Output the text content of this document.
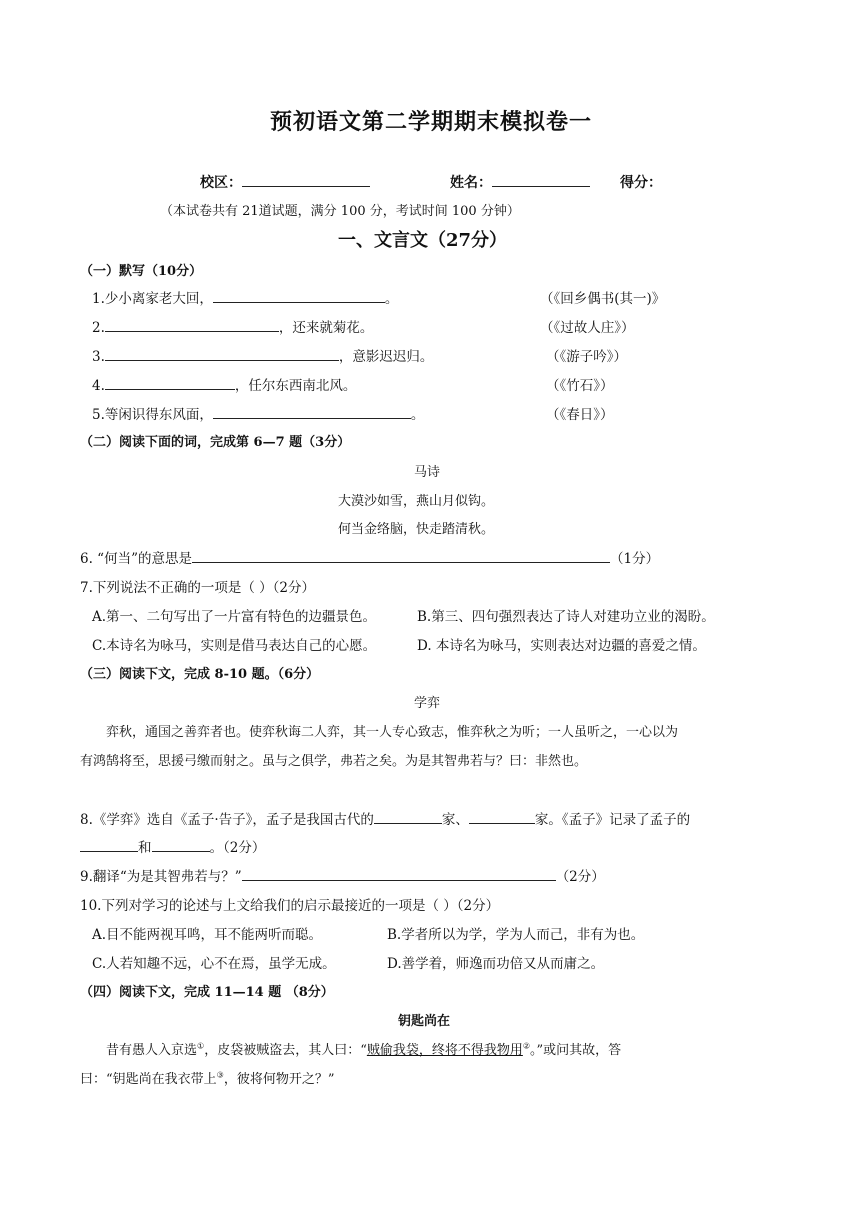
预初语文第二学期期末模拟卷一
校区：	姓名：	得分：
（本试卷共有 21道试题，满分 100 分，考试时间 100 分钟）
一、文言文（27分）
（一）默写（10分）
1.少小离家老大回，	。	（《回乡偶书(其一)》
2.	，还来就菊花。	（《过故人庄》）
3.	，意影迟迟归。	（《游子吟》）
4.	，任尔东西南北风。	（《竹石》）
5.等闲识得东风面，	。	（《春日》）
（二）阅读下面的词，完成第 6—7 题（3分）
马诗
大漠沙如雪，燕山月似钩。
何当金络脑，快走踏清秋。
6. “何当”的意思是	（1分）
7.下列说法不正确的一项是（ ）（2分）
A.第一、二句写出了一片富有特色的边疆景色。	B.第三、四句强烈表达了诗人对建功立业的渴盼。
C.本诗名为咏马，实则是借马表达自己的心愿。	D. 本诗名为咏马，实则表达对边疆的喜爱之情。
（三）阅读下文，完成 8-10 题。（6分）
学弈
弈秋，通国之善弈者也。使弈秋诲二人弈，其一人专心致志，惟弈秋之为听；一人虽听之，一心以为
有鸿鹄将至，思援弓缴而射之。虽与之俱学，弗若之矣。为是其智弗若与？曰：非然也。
8.《学弈》选自《孟子·告子》，孟子是我国古代的	家、	家。《孟子》记录了孟子的
和	。（2分）
9.翻译“为是其智弗若与？”	（2分）
10.下列对学习的论述与上文给我们的启示最接近的一项是（ ）（2分）
A.目不能两视耳鸣，耳不能两听而聪。	B.学者所以为学，学为人而己，非有为也。
C.人若知趣不远，心不在焉，虽学无成。	D.善学着，师逸而功倍又从而庸之。
（四）阅读下文，完成 11—14 题 （8分）
钥匙尚在
昔有愚人入京选①，皮袋被贼盗去，其人曰：“贼偷我袋，终将不得我物用②。”或问其故，答
曰：“钥匙尚在我衣带上③，彼将何物开之？”
